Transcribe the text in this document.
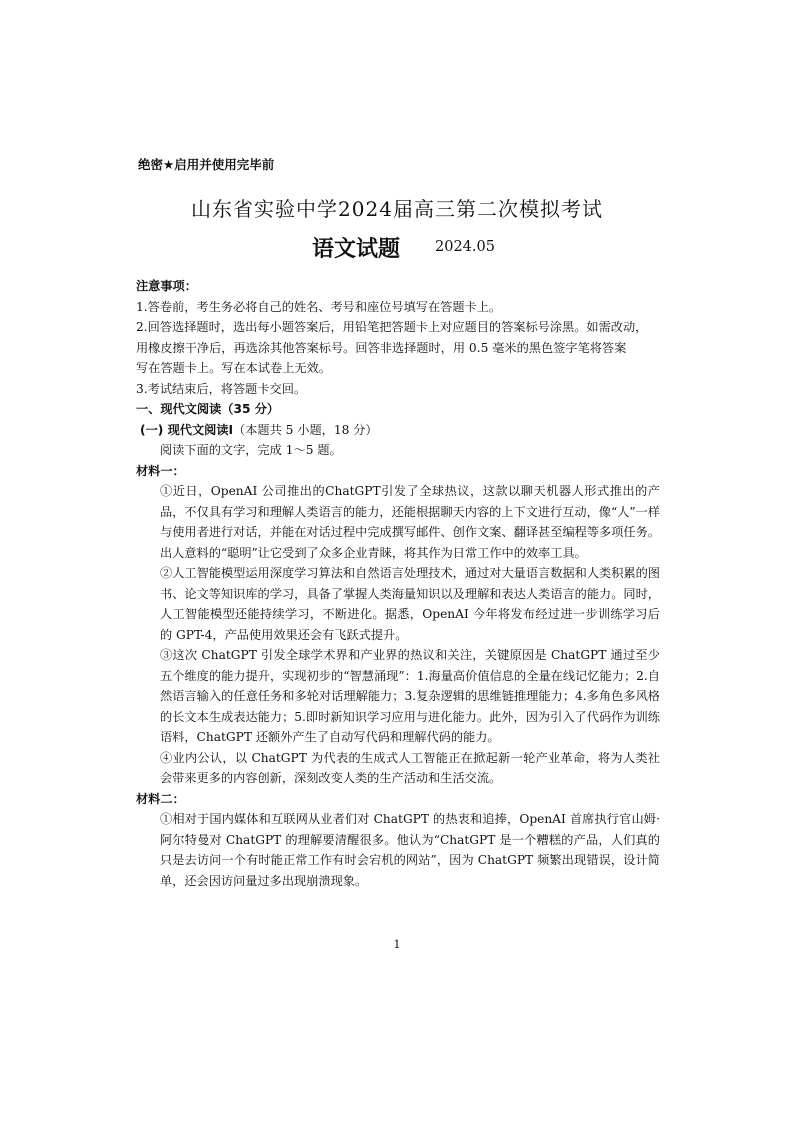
绝密★启用并使用完毕前
山东省实验中学2024届高三第二次模拟考试
语文试题 2024.05
注意事项：
1.答卷前，考生务必将自己的姓名、考号和座位号填写在答题卡上。
2.回答选择题时，选出每小题答案后，用铅笔把答题卡上对应题目的答案标号涂黑。如需改动，
用橡皮擦干净后，再选涂其他答案标号。回答非选择题时，用 0.5 毫米的黑色签字笔将答案
写在答题卡上。写在本试卷上无效。
3.考试结束后，将答题卡交回。
一、现代文阅读（35 分）
(一) 现代文阅读Ⅰ（本题共 5 小题，18 分）
阅读下面的文字，完成 1～5 题。
材料一：
①近日，OpenAI 公司推出的ChatGPT引发了全球热议，这款以聊天机器人形式推出的产品，不仅具有学习和理解人类语言的能力，还能根据聊天内容的上下文进行互动，像“人”一样与使用者进行对话，并能在对话过程中完成撰写邮件、创作文案、翻译甚至编程等多项任务。出人意料的“聪明”让它受到了众多企业青睐，将其作为日常工作中的效率工具。
②人工智能模型运用深度学习算法和自然语言处理技术，通过对大量语言数据和人类积累的图书、论文等知识库的学习，具备了掌握人类海量知识以及理解和表达人类语言的能力。同时，人工智能模型还能持续学习，不断进化。据悉，OpenAI 今年将发布经过进一步训练学习后的 GPT-4，产品使用效果还会有飞跃式提升。
③这次 ChatGPT 引发全球学术界和产业界的热议和关注，关键原因是 ChatGPT 通过至少五个维度的能力提升，实现初步的“智慧涌现”：1.海量高价值信息的全量在线记忆能力；2.自然语言输入的任意任务和多轮对话理解能力；3.复杂逻辑的思维链推理能力；4.多角色多风格的长文本生成表达能力；5.即时新知识学习应用与进化能力。此外，因为引入了代码作为训练语料，ChatGPT 还额外产生了自动写代码和理解代码的能力。
④业内公认，以 ChatGPT 为代表的生成式人工智能正在掀起新一轮产业革命，将为人类社会带来更多的内容创新，深刻改变人类的生产活动和生活交流。
材料二：
①相对于国内媒体和互联网从业者们对 ChatGPT 的热衷和追捧，OpenAI 首席执行官山姆·阿尔特曼对 ChatGPT 的理解要清醒很多。他认为“ChatGPT 是一个糟糕的产品，人们真的只是去访问一个有时能正常工作有时会宕机的网站”，因为 ChatGPT 频繁出现错误，设计简单，还会因访问量过多出现崩溃现象。
1
